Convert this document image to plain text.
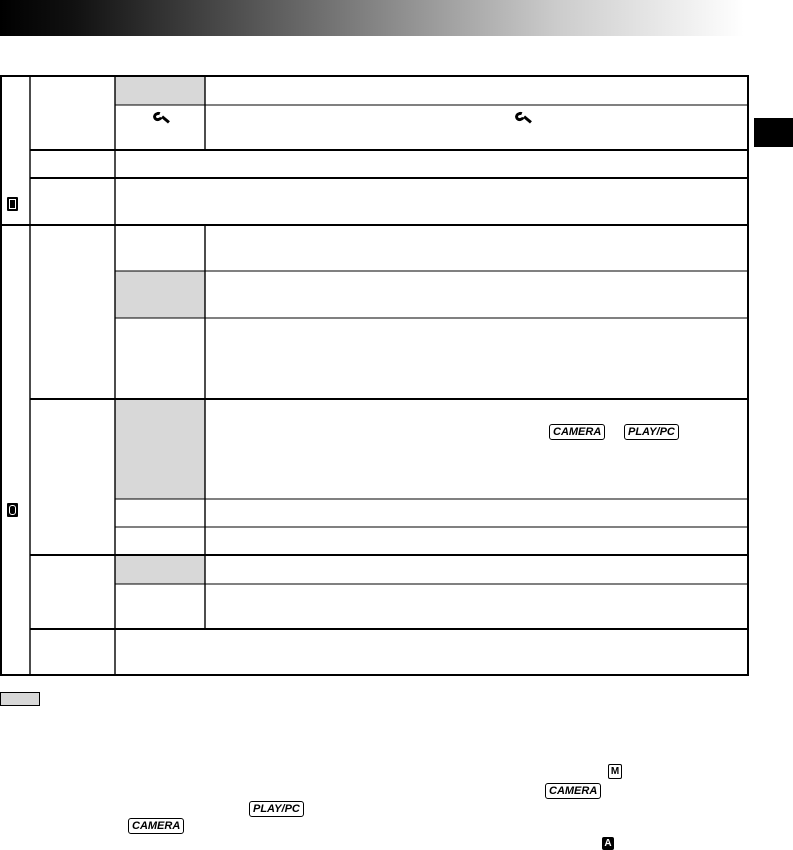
CAMERA	PLAY/PC
M
CAMERA
PLAY/PC
CAMERA
A
